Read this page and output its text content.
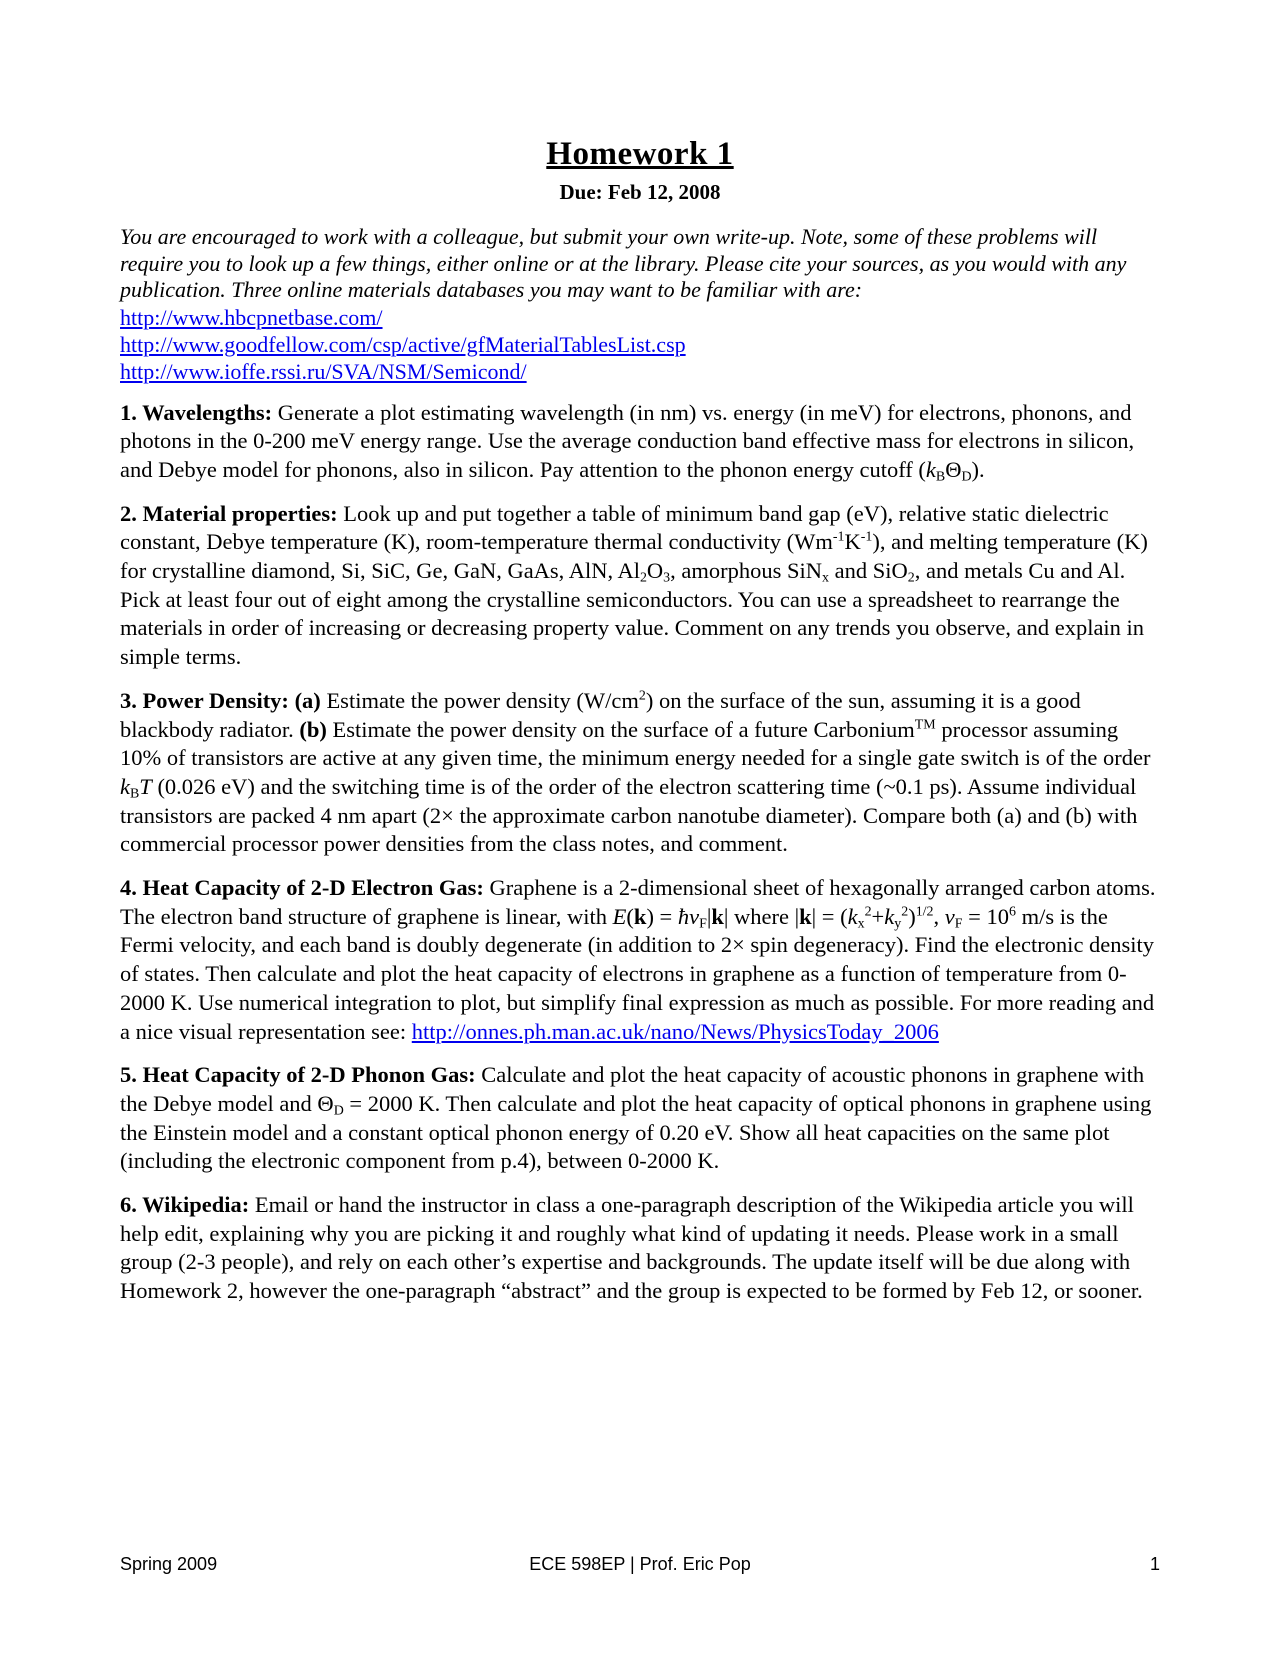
Homework 1
Due: Feb 12, 2008

You are encouraged to work with a colleague, but submit your own write-up. Note, some of these problems will require you to look up a few things, either online or at the library. Please cite your sources, as you would with any publication. Three online materials databases you may want to be familiar with are:

http://www.hbcpnetbase.com/
http://www.goodfellow.com/csp/active/gfMaterialTablesList.csp
http://www.ioffe.rssi.ru/SVA/NSM/Semicond/

1. Wavelengths: Generate a plot estimating wavelength (in nm) vs. energy (in meV) for electrons, phonons, and photons in the 0-200 meV energy range. Use the average conduction band effective mass for electrons in silicon, and Debye model for phonons, also in silicon. Pay attention to the phonon energy cutoff $(k_B\Theta_D)$.

2. Material properties: Look up and put together a table of minimum band gap (eV), relative static dielectric constant, Debye temperature (K), room-temperature thermal conductivity $(Wm^{-1}K^{-1})$, and melting temperature (K) for crystalline diamond, Si, SiC, Ge, GaN, GaAs, AlN, $Al_2O_3$, amorphous SiN$_x$ and SiO$_2$, and metals Cu and Al. Pick at least four out of eight among the crystalline semiconductors. You can use a spreadsheet to rearrange the materials in order of increasing or decreasing property value. Comment on any trends you observe, and explain in simple terms.

3. Power Density: (a) Estimate the power density $(W/cm^2)$ on the surface of the sun, assuming it is a good blackbody radiator. (b) Estimate the power density on the surface of a future Carbonium™ processor assuming 10% of transistors are active at any given time, the minimum energy needed for a single gate switch is of the order $k_BT$ (0.026 eV) and the switching time is of the order of the electron scattering time (~0.1 ps). Assume individual transistors are packed 4 nm apart (2× the approximate carbon nanotube diameter). Compare both (a) and (b) with commercial processor power densities from the class notes, and comment.

4. Heat Capacity of 2-D Electron Gas: Graphene is a 2-dimensional sheet of hexagonally arranged carbon atoms. The electron band structure of graphene is linear, with $E(k) = ħv_F|k|$ where $|k| = (k_x^2+k_y^2)^{1/2}$, $v_F = 10^6$ m/s is the Fermi velocity, and each band is doubly degenerate (in addition to 2× spin degeneracy). Find the electronic density of states. Then calculate and plot the heat capacity of electrons in graphene as a function of temperature from 0-2000 K. Use numerical integration to plot, but simplify final expression as much as possible. For more reading and a nice visual representation see: http://onnes.ph.man.ac.uk/nano/News/PhysicsToday_2006

5. Heat Capacity of 2-D Phonon Gas: Calculate and plot the heat capacity of acoustic phonons in graphene with the Debye model and $\Theta_D = 2000$ K. Then calculate and plot the heat capacity of optical phonons in graphene using the Einstein model and a constant optical phonon energy of 0.20 eV. Show all heat capacities on the same plot (including the electronic component from p.4), between 0-2000 K.

6. Wikipedia: Email or hand the instructor in class a one-paragraph description of the Wikipedia article you will help edit, explaining why you are picking it and roughly what kind of updating it needs. Please work in a small group (2-3 people), and rely on each other’s expertise and backgrounds. The update itself will be due along with Homework 2, however the one-paragraph “abstract” and the group is expected to be formed by Feb 12, or sooner.

Spring 2009	ECE 598EP | Prof. Eric Pop	1
